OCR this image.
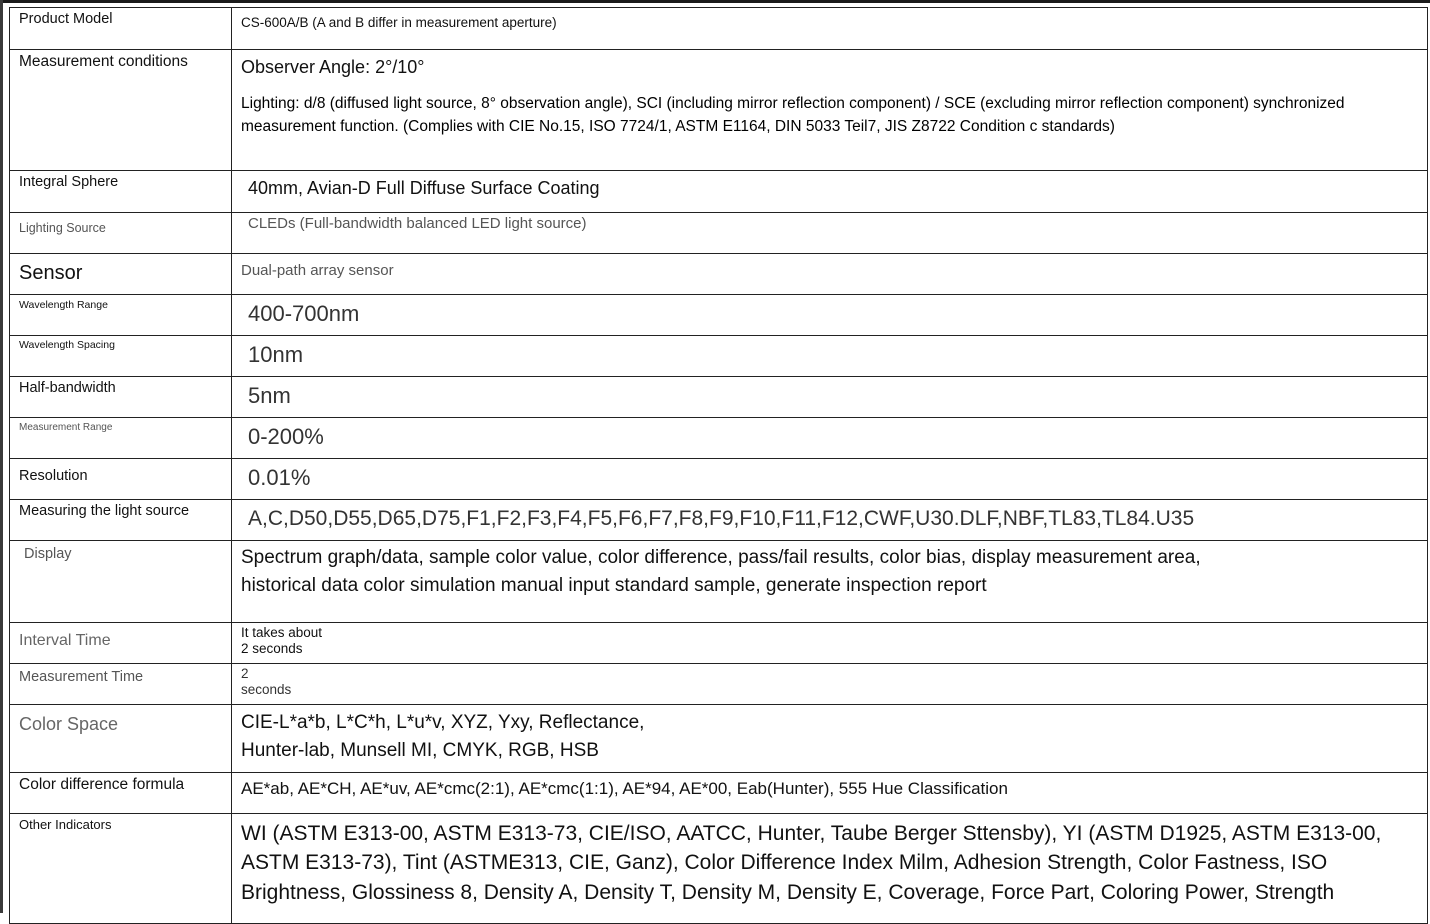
Product Model	CS-600A/B (A and B differ in measurement aperture)
Measurement conditions	Observer Angle: 2°/10°
Lighting: d/8 (diffused light source, 8° observation angle), SCI (including mirror reflection component) / SCE (excluding mirror reflection component) synchronized measurement function. (Complies with CIE No.15, ISO 7724/1, ASTM E1164, DIN 5033 Teil7, JIS Z8722 Condition c standards)

Integral Sphere	40mm, Avian-D Full Diffuse Surface Coating
Lighting Source	CLEDs (Full-bandwidth balanced LED light source)
Sensor	Dual-path array sensor
Wavelength Range	400-700nm
Wavelength Spacing	10nm
Half-bandwidth	5nm
Measurement Range	0-200%
Resolution	0.01%
Measuring the light source	A,C,D50,D55,D65,D75,F1,F2,F3,F4,F5,F6,F7,F8,F9,F10,F11,F12,CWF,U30.DLF,NBF,TL83,TL84.U35
Display	Spectrum graph/data, sample color value, color difference, pass/fail results, color bias, display measurement area,
historical data color simulation manual input standard sample, generate inspection report

Interval Time	It takes about
2 seconds

Measurement Time	2
seconds

Color Space	CIE-L*a*b, L*C*h, L*u*v, XYZ, Yxy, Reflectance,
Hunter-lab, Munsell MI, CMYK, RGB, HSB

Color difference formula	AE*ab, AE*CH, AE*uv, AE*cmc(2:1), AE*cmc(1:1), AE*94, AE*00, Eab(Hunter), 555 Hue Classification
Other Indicators	WI (ASTM E313-00, ASTM E313-73, CIE/ISO, AATCC, Hunter, Taube Berger Sttensby), YI (ASTM D1925, ASTM E313-00, ASTM E313-73), Tint (ASTME313, CIE, Ganz), Color Difference Index Milm, Adhesion Strength, Color Fastness, ISO Brightness, Glossiness 8, Density A, Density T, Density M, Density E, Coverage, Force Part, Coloring Power, Strength
